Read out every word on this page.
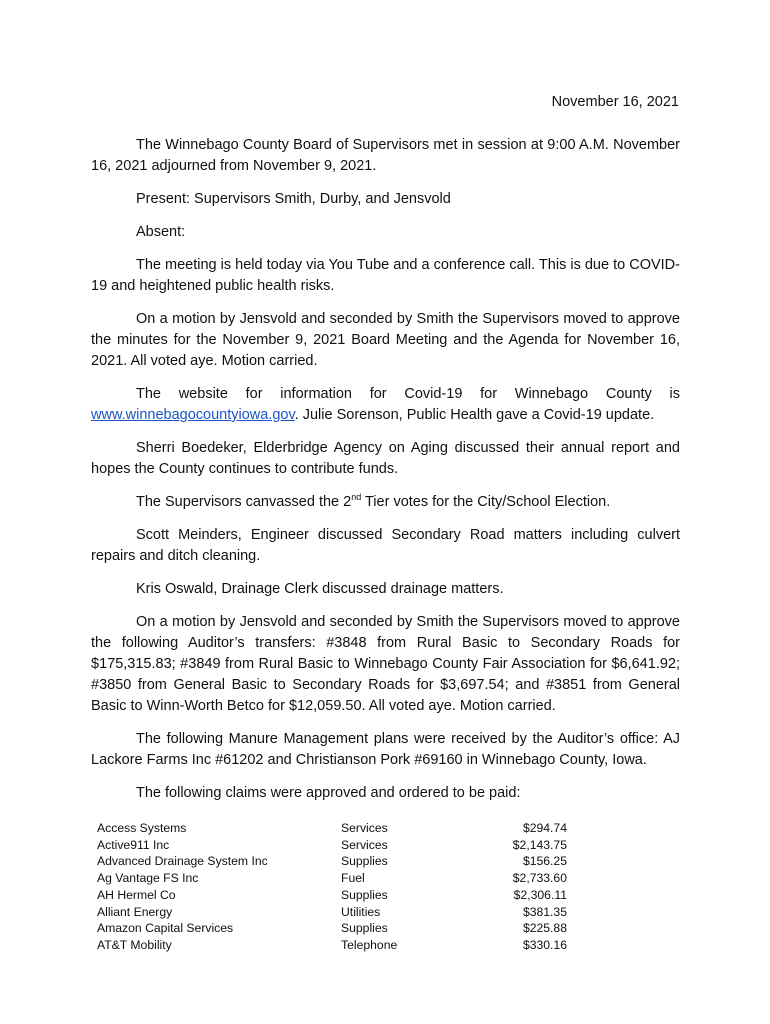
November 16, 2021

The Winnebago County Board of Supervisors met in session at 9:00 A.M. November 16, 2021 adjourned from November 9, 2021.

Present: Supervisors Smith, Durby, and Jensvold

Absent:

The meeting is held today via You Tube and a conference call. This is due to COVID-19 and heightened public health risks.

On a motion by Jensvold and seconded by Smith the Supervisors moved to approve the minutes for the November 9, 2021 Board Meeting and the Agenda for November 16, 2021. All voted aye. Motion carried.

The website for information for Covid-19 for Winnebago County is www.winnebagocountyiowa.gov. Julie Sorenson, Public Health gave a Covid-19 update.

Sherri Boedeker, Elderbridge Agency on Aging discussed their annual report and hopes the County continues to contribute funds.

The Supervisors canvassed the 2nd Tier votes for the City/School Election.

Scott Meinders, Engineer discussed Secondary Road matters including culvert repairs and ditch cleaning.

Kris Oswald, Drainage Clerk discussed drainage matters.

On a motion by Jensvold and seconded by Smith the Supervisors moved to approve the following Auditor’s transfers: #3848 from Rural Basic to Secondary Roads for $175,315.83; #3849 from Rural Basic to Winnebago County Fair Association for $6,641.92; #3850 from General Basic to Secondary Roads for $3,697.54; and #3851 from General Basic to Winn-Worth Betco for $12,059.50. All voted aye. Motion carried.

The following Manure Management plans were received by the Auditor’s office: AJ Lackore Farms Inc #61202 and Christianson Pork #69160 in Winnebago County, Iowa.

The following claims were approved and ordered to be paid:

Access Systems	Services	$294.74
Active911 Inc	Services	$2,143.75
Advanced Drainage System Inc	Supplies	$156.25
Ag Vantage FS Inc	Fuel	$2,733.60
AH Hermel Co	Supplies	$2,306.11
Alliant Energy	Utilities	$381.35
Amazon Capital Services	Supplies	$225.88
AT&T Mobility	Telephone	$330.16
